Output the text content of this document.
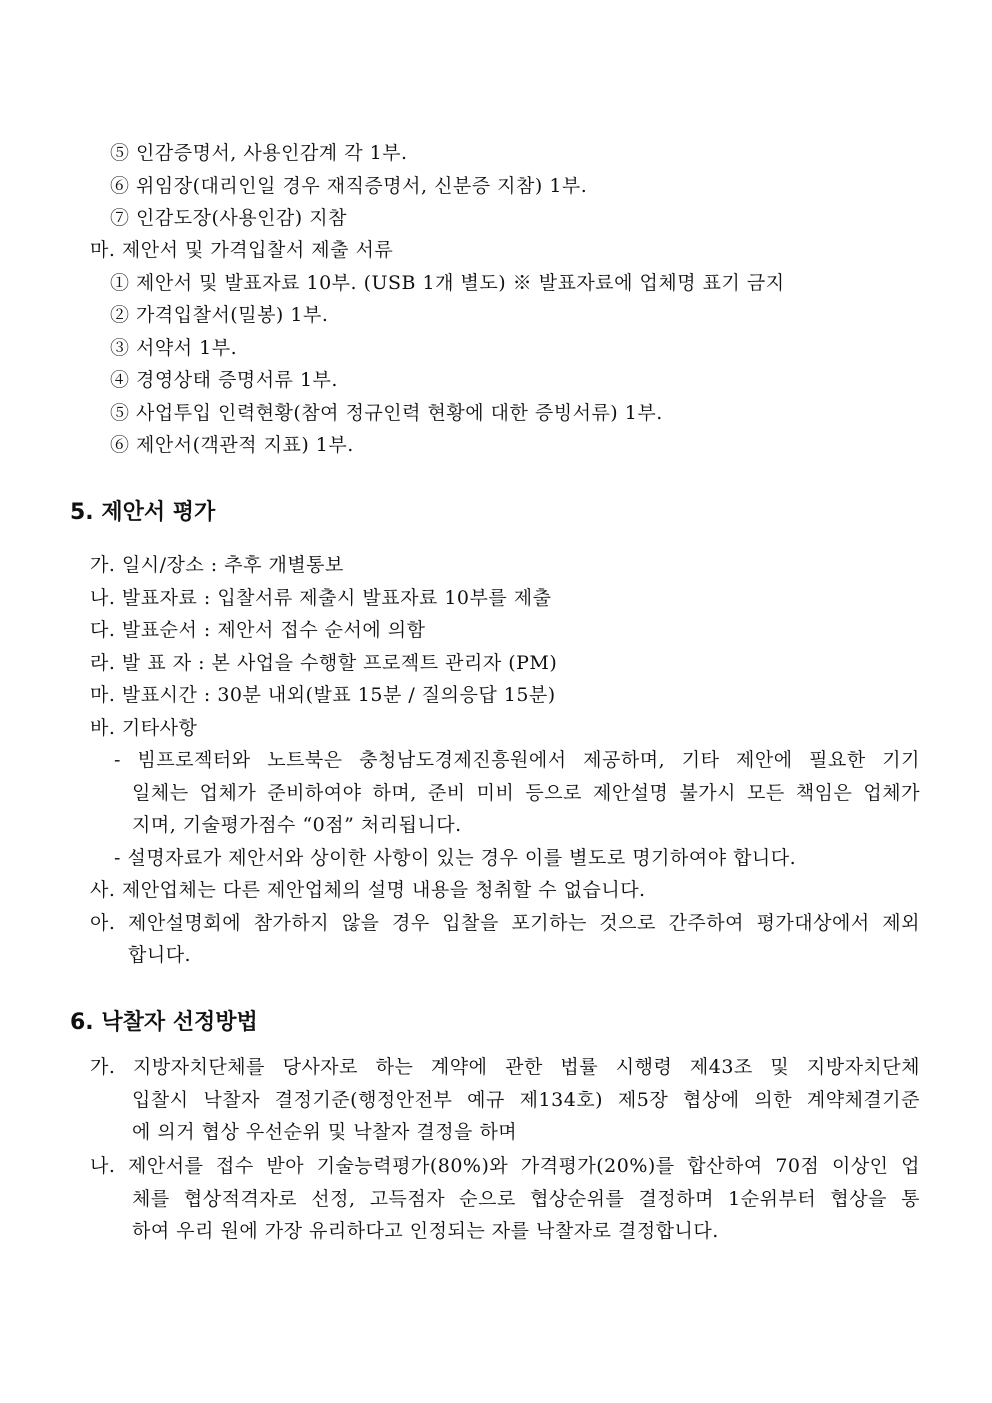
⑤ 인감증명서, 사용인감계 각 1부.
⑥ 위임장(대리인일 경우 재직증명서, 신분증 지참) 1부.
⑦ 인감도장(사용인감) 지참
마. 제안서 및 가격입찰서 제출 서류
① 제안서 및 발표자료 10부. (USB 1개 별도) ※ 발표자료에 업체명 표기 금지
② 가격입찰서(밀봉) 1부.
③ 서약서 1부.
④ 경영상태 증명서류 1부.
⑤ 사업투입 인력현황(참여 정규인력 현황에 대한 증빙서류) 1부.
⑥ 제안서(객관적 지표) 1부.
5. 제안서 평가
가. 일시/장소 : 추후 개별통보
나. 발표자료 : 입찰서류 제출시 발표자료 10부를 제출
다. 발표순서 : 제안서 접수 순서에 의함
라. 발 표 자 : 본 사업을 수행할 프로젝트 관리자 (PM)
마. 발표시간 : 30분 내외(발표 15분 / 질의응답 15분)
바. 기타사항
- 빔프로젝터와 노트북은 충청남도경제진흥원에서 제공하며, 기타 제안에 필요한 기기
일체는 업체가 준비하여야 하며, 준비 미비 등으로 제안설명 불가시 모든 책임은 업체가
지며, 기술평가점수 “0점” 처리됩니다.
- 설명자료가 제안서와 상이한 사항이 있는 경우 이를 별도로 명기하여야 합니다.
사. 제안업체는 다른 제안업체의 설명 내용을 청취할 수 없습니다.
아. 제안설명회에 참가하지 않을 경우 입찰을 포기하는 것으로 간주하여 평가대상에서 제외
합니다.
6. 낙찰자 선정방법
가. 지방자치단체를 당사자로 하는 계약에 관한 법률 시행령 제43조 및 지방자치단체
입찰시 낙찰자 결정기준(행정안전부 예규 제134호) 제5장 협상에 의한 계약체결기준
에 의거 협상 우선순위 및 낙찰자 결정을 하며
나. 제안서를 접수 받아 기술능력평가(80%)와 가격평가(20%)를 합산하여 70점 이상인 업
체를 협상적격자로 선정, 고득점자 순으로 협상순위를 결정하며 1순위부터 협상을 통
하여 우리 원에 가장 유리하다고 인정되는 자를 낙찰자로 결정합니다.
